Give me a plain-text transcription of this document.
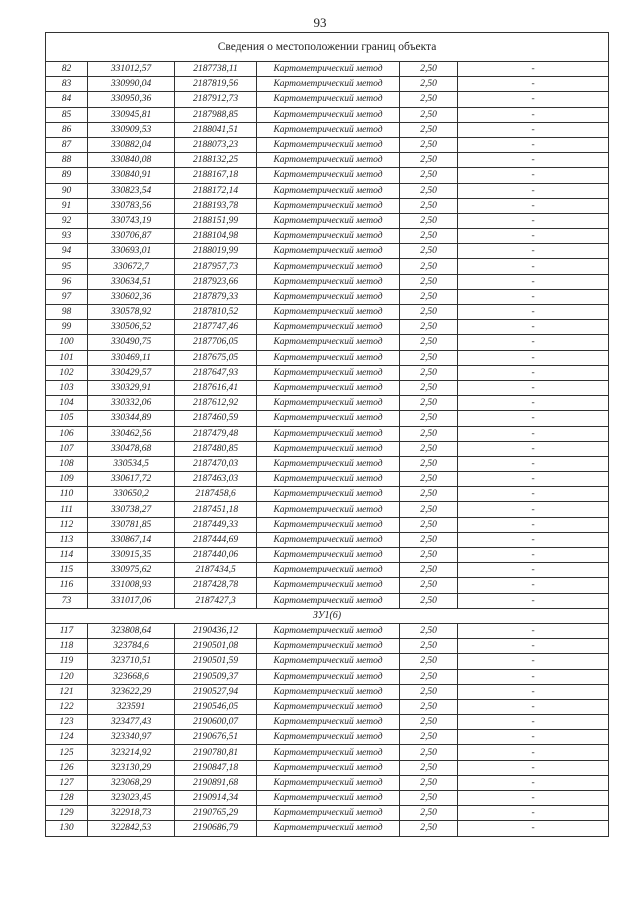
93
Сведения о местоположении границ объекта					
82	331012,57	2187738,11	Картометрический метод	2,50	-
83	330990,04	2187819,56	Картометрический метод	2,50	-
84	330950,36	2187912,73	Картометрический метод	2,50	-
85	330945,81	2187988,85	Картометрический метод	2,50	-
86	330909,53	2188041,51	Картометрический метод	2,50	-
87	330882,04	2188073,23	Картометрический метод	2,50	-
88	330840,08	2188132,25	Картометрический метод	2,50	-
89	330840,91	2188167,18	Картометрический метод	2,50	-
90	330823,54	2188172,14	Картометрический метод	2,50	-
91	330783,56	2188193,78	Картометрический метод	2,50	-
92	330743,19	2188151,99	Картометрический метод	2,50	-
93	330706,87	2188104,98	Картометрический метод	2,50	-
94	330693,01	2188019,99	Картометрический метод	2,50	-
95	330672,7	2187957,73	Картометрический метод	2,50	-
96	330634,51	2187923,66	Картометрический метод	2,50	-
97	330602,36	2187879,33	Картометрический метод	2,50	-
98	330578,92	2187810,52	Картометрический метод	2,50	-
99	330506,52	2187747,46	Картометрический метод	2,50	-
100	330490,75	2187706,05	Картометрический метод	2,50	-
101	330469,11	2187675,05	Картометрический метод	2,50	-
102	330429,57	2187647,93	Картометрический метод	2,50	-
103	330329,91	2187616,41	Картометрический метод	2,50	-
104	330332,06	2187612,92	Картометрический метод	2,50	-
105	330344,89	2187460,59	Картометрический метод	2,50	-
106	330462,56	2187479,48	Картометрический метод	2,50	-
107	330478,68	2187480,85	Картометрический метод	2,50	-
108	330534,5	2187470,03	Картометрический метод	2,50	-
109	330617,72	2187463,03	Картометрический метод	2,50	-
110	330650,2	2187458,6	Картометрический метод	2,50	-
111	330738,27	2187451,18	Картометрический метод	2,50	-
112	330781,85	2187449,33	Картометрический метод	2,50	-
113	330867,14	2187444,69	Картометрический метод	2,50	-
114	330915,35	2187440,06	Картометрический метод	2,50	-
115	330975,62	2187434,5	Картометрический метод	2,50	-
116	331008,93	2187428,78	Картометрический метод	2,50	-
73	331017,06	2187427,3	Картометрический метод	2,50	-
ЗУ1(6)					
117	323808,64	2190436,12	Картометрический метод	2,50	-
118	323784,6	2190501,08	Картометрический метод	2,50	-
119	323710,51	2190501,59	Картометрический метод	2,50	-
120	323668,6	2190509,37	Картометрический метод	2,50	-
121	323622,29	2190527,94	Картометрический метод	2,50	-
122	323591	2190546,05	Картометрический метод	2,50	-
123	323477,43	2190600,07	Картометрический метод	2,50	-
124	323340,97	2190676,51	Картометрический метод	2,50	-
125	323214,92	2190780,81	Картометрический метод	2,50	-
126	323130,29	2190847,18	Картометрический метод	2,50	-
127	323068,29	2190891,68	Картометрический метод	2,50	-
128	323023,45	2190914,34	Картометрический метод	2,50	-
129	322918,73	2190765,29	Картометрический метод	2,50	-
130	322842,53	2190686,79	Картометрический метод	2,50	-
